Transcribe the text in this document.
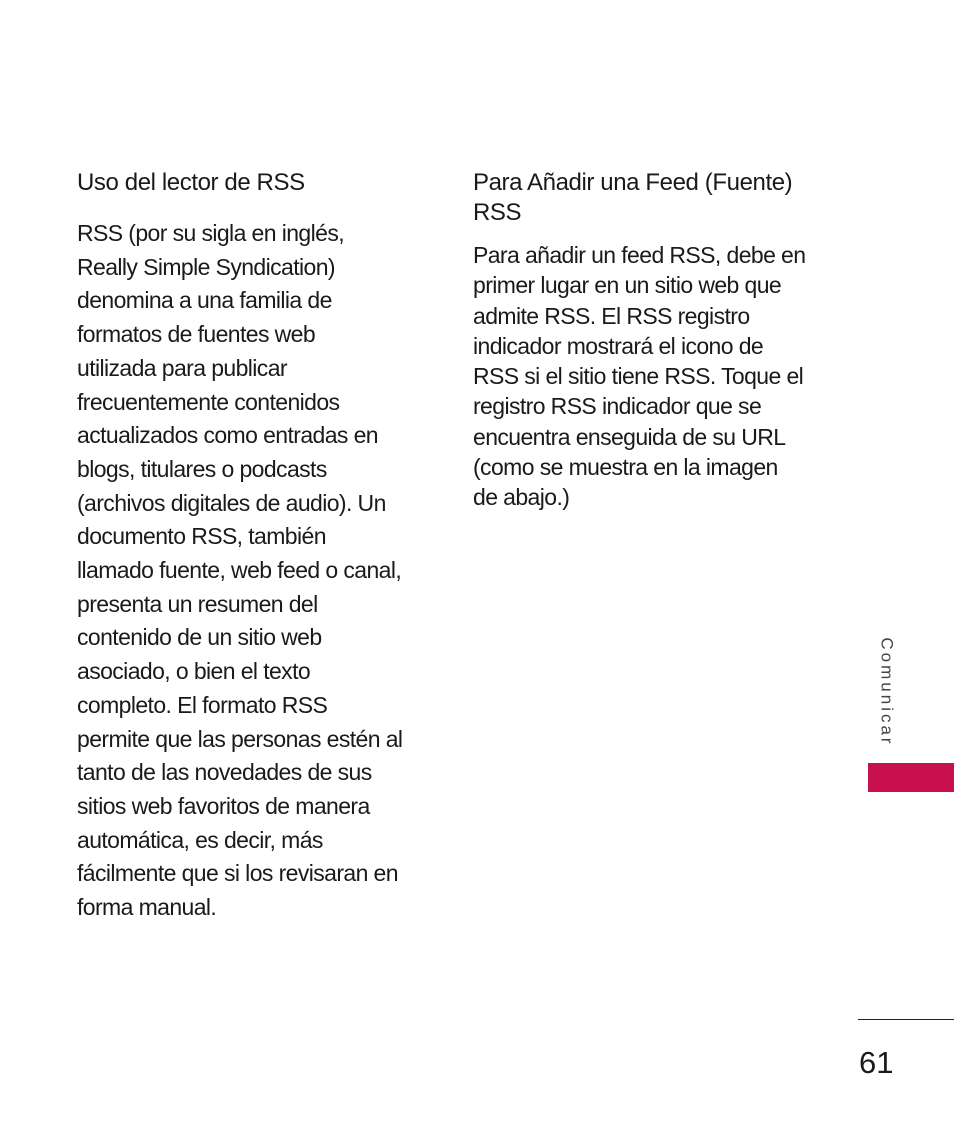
Uso del lector de RSS

RSS (por su sigla en inglés,
Really Simple Syndication)
denomina a una familia de
formatos de fuentes web
utilizada para publicar
frecuentemente contenidos
actualizados como entradas en
blogs, titulares o podcasts
(archivos digitales de audio). Un
documento RSS, también
llamado fuente, web feed o canal,
presenta un resumen del
contenido de un sitio web
asociado, o bien el texto
completo. El formato RSS
permite que las personas estén al
tanto de las novedades de sus
sitios web favoritos de manera
automática, es decir, más
fácilmente que si los revisaran en
forma manual.

Para Añadir una Feed (Fuente)
RSS

Para añadir un feed RSS, debe en
primer lugar en un sitio web que
admite RSS. El RSS registro
indicador mostrará el icono de
RSS si el sitio tiene RSS. Toque el
registro RSS indicador que se
encuentra enseguida de su URL
(como se muestra en la imagen
de abajo.)

Comunicar
61
